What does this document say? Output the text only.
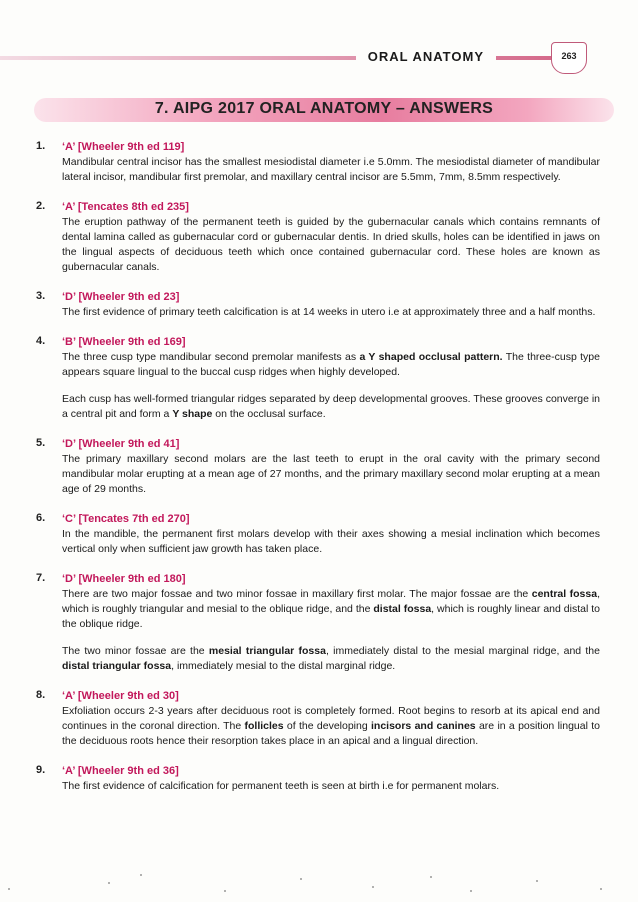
ORAL ANATOMY	263
7. AIPG 2017 ORAL ANATOMY – ANSWERS
1.	‘A’ [Wheeler 9th ed 119]
Mandibular central incisor has the smallest mesiodistal diameter i.e 5.0mm. The mesiodistal diameter of mandibular lateral incisor, mandibular first premolar, and maxillary central incisor are 5.5mm, 7mm, 8.5mm respectively.
2.	‘A’ [Tencates 8th ed 235]
The eruption pathway of the permanent teeth is guided by the gubernacular canals which contains remnants of dental lamina called as gubernacular cord or gubernacular dentis. In dried skulls, holes can be identified in jaws on the lingual aspects of deciduous teeth which once contained gubernacular cord. These holes are known as gubernacular canals.
3.	‘D’ [Wheeler 9th ed 23]
The first evidence of primary teeth calcification is at 14 weeks in utero i.e at approximately three and a half months.
4.	‘B’ [Wheeler 9th ed 169]
The three cusp type mandibular second premolar manifests as a Y shaped occlusal pattern. The three-cusp type appears square lingual to the buccal cusp ridges when highly developed.
Each cusp has well-formed triangular ridges separated by deep developmental grooves. These grooves converge in a central pit and form a Y shape on the occlusal surface.
5.	‘D’ [Wheeler 9th ed 41]
The primary maxillary second molars are the last teeth to erupt in the oral cavity with the primary second mandibular molar erupting at a mean age of 27 months, and the primary maxillary second molar erupting at a mean age of 29 months.
6.	‘C’ [Tencates 7th ed 270]
In the mandible, the permanent first molars develop with their axes showing a mesial inclination which becomes vertical only when sufficient jaw growth has taken place.
7.	‘D’ [Wheeler 9th ed 180]
There are two major fossae and two minor fossae in maxillary first molar. The major fossae are the central fossa, which is roughly triangular and mesial to the oblique ridge, and the distal fossa, which is roughly linear and distal to the oblique ridge.
The two minor fossae are the mesial triangular fossa, immediately distal to the mesial marginal ridge, and the distal triangular fossa, immediately mesial to the distal marginal ridge.
8.	‘A’ [Wheeler 9th ed 30]
Exfoliation occurs 2-3 years after deciduous root is completely formed. Root begins to resorb at its apical end and continues in the coronal direction. The follicles of the developing incisors and canines are in a position lingual to the deciduous roots hence their resorption takes place in an apical and a lingual direction.
9.	‘A’ [Wheeler 9th ed 36]
The first evidence of calcification for permanent teeth is seen at birth i.e for permanent molars.
